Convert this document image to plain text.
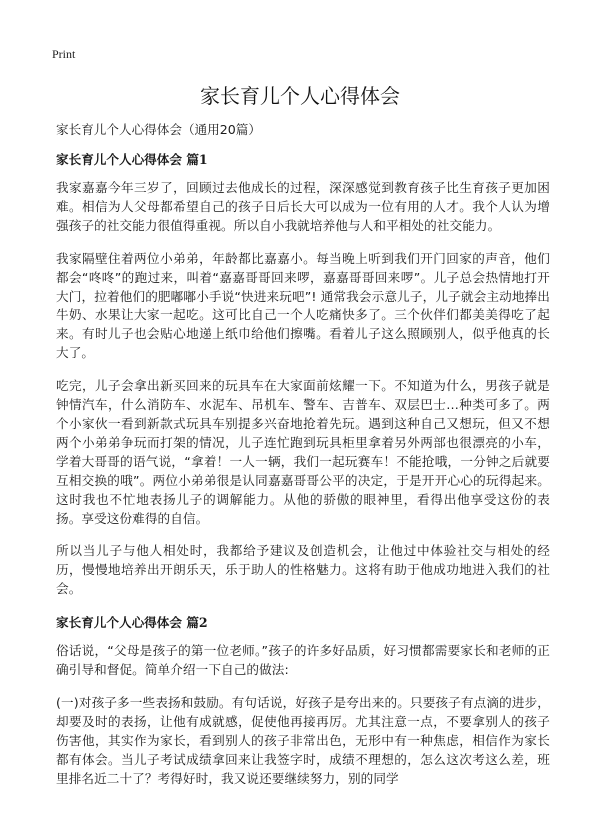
Print
家长育儿个人心得体会

家长育儿个人心得体会（通用20篇）

家长育儿个人心得体会 篇1

我家嘉嘉今年三岁了，回顾过去他成长的过程，深深感觉到教育孩子比生育孩子更加困难。相信为人父母都希望自己的孩子日后长大可以成为一位有用的人才。我个人认为增强孩子的社交能力很值得重视。所以自小我就培养他与人和平相处的社交能力。

我家隔壁住着两位小弟弟，年龄都比嘉嘉小。每当晚上听到我们开门回家的声音，他们都会“咚咚”的跑过来，叫着“嘉嘉哥哥回来啰，嘉嘉哥哥回来啰”。儿子总会热情地打开大门，拉着他们的肥嘟嘟小手说“快进来玩吧”! 通常我会示意儿子，儿子就会主动地捧出牛奶、水果让大家一起吃。这可比自己一个人吃痛快多了。三个伙伴们都美美得吃了起来。有时儿子也会贴心地递上纸巾给他们擦嘴。看着儿子这么照顾别人，似乎他真的长大了。

吃完，儿子会拿出新买回来的玩具车在大家面前炫耀一下。不知道为什么，男孩子就是钟情汽车，什么消防车、水泥车、吊机车、警车、吉普车、双层巴士…种类可多了。两个小家伙一看到新款式玩具车别提多兴奋地抢着先玩。遇到这种自己又想玩，但又不想两个小弟弟争玩而打架的情况，儿子连忙跑到玩具柜里拿着另外两部也很漂亮的小车，学着大哥哥的语气说，“拿着！一人一辆，我们一起玩赛车！不能抢哦，一分钟之后就要互相交换的哦”。两位小弟弟很是认同嘉嘉哥哥公平的决定，于是开开心心的玩得起来。这时我也不忙地表扬儿子的调解能力。从他的骄傲的眼神里，看得出他享受这份的表扬。享受这份难得的自信。

所以当儿子与他人相处时，我都给予建议及创造机会，让他过中体验社交与相处的经历，慢慢地培养出开朗乐天，乐于助人的性格魅力。这将有助于他成功地进入我们的社会。

家长育儿个人心得体会 篇2

俗话说，“父母是孩子的第一位老师。”孩子的许多好品质，好习惯都需要家长和老师的正确引导和督促。简单介绍一下自己的做法:

(一)对孩子多一些表扬和鼓励。有句话说，好孩子是夸出来的。只要孩子有点滴的进步，却要及时的表扬，让他有成就感，促使他再接再厉。尤其注意一点，不要拿别人的孩子伤害他，其实作为家长，看到别人的孩子非常出色，无形中有一种焦虑，相信作为家长都有体会。当儿子考试成绩拿回来让我签字时，成绩不理想的，怎么这次考这么差，班里排名近二十了？考得好时，我又说还要继续努力，别的同学
